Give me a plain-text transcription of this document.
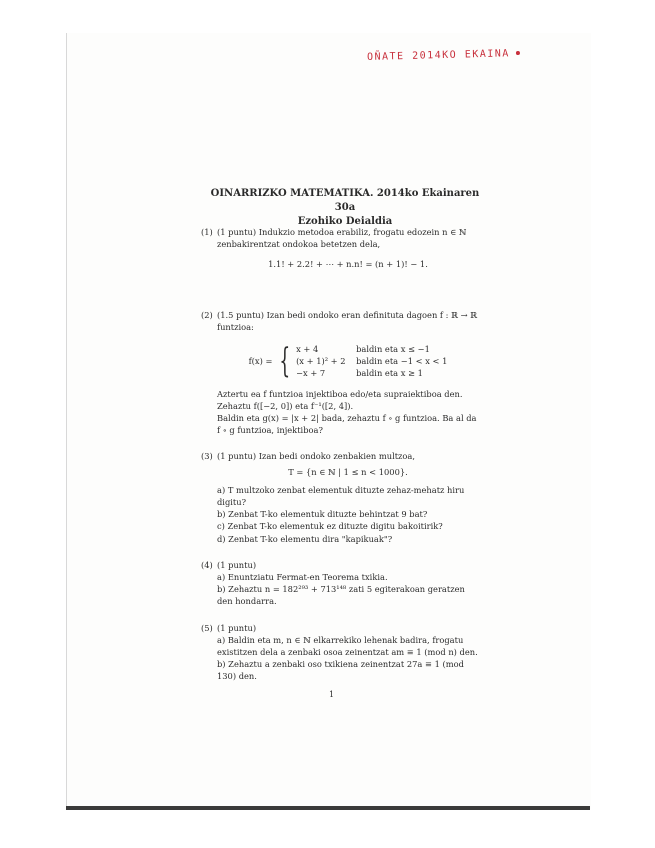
OÑATE 2014KO EKAINA
OINARRIZKO MATEMATIKA. 2014ko Ekainaren 30a
Ezohiko Deialdia
(1) (1 puntu) Indukzio metodoa erabiliz, frogatu edozein n ∈ ℕ zenbakirentzat ondokoa betetzen dela,
1.1! + 2.2! + ⋯ + n.n! = (n + 1)! − 1.
(2) (1.5 puntu) Izan bedi ondoko eran definituta dagoen f : ℝ → ℝ funtzioa:
f(x) = { x + 4	baldin eta x ≤ −1
(x + 1)² + 2	baldin eta −1 < x < 1
−x + 7	baldin eta x ≥ 1
Aztertu ea f funtzioa injektiboa edo/eta supraiektiboa den. Zehaztu f([−2, 0]) eta f⁻¹([2, 4]).
Baldin eta g(x) = |x + 2| bada, zehaztu f ∘ g funtzioa. Ba al da f ∘ g funtzioa, injektiboa?
(3) (1 puntu) Izan bedi ondoko zenbakien multzoa,
T = {n ∈ ℕ | 1 ≤ n < 1000}.
a) T multzoko zenbat elementuk dituzte zehaz-mehatz hiru digitu?
b) Zenbat T-ko elementuk dituzte behintzat 9 bat?
c) Zenbat T-ko elementuk ez dituzte digitu bakoitirik?
d) Zenbat T-ko elementu dira "kapikuak"?
(4) (1 puntu)
a) Enuntziatu Fermat-en Teorema txikia.
b) Zehaztu n = 182²⁹³ + 713¹⁴⁸ zati 5 egiterakoan geratzen den hondarra.
(5) (1 puntu)
a) Baldin eta m, n ∈ ℕ elkarrekiko lehenak badira, frogatu existitzen dela a zenbaki osoa zeinentzat am ≡ 1 (mod n) den.
b) Zehaztu a zenbaki oso txikiena zeinentzat 27a ≡ 1 (mod 130) den.
1
